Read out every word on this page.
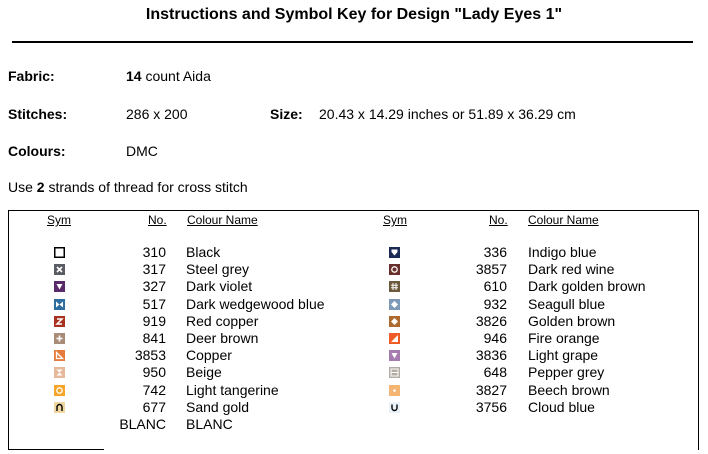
Instructions and Symbol Key for Design "Lady Eyes 1"
Fabric:	14 count Aida
Stitches:	286 x 200	Size: 20.43 x 14.29 inches or 51.89 x 36.29 cm
Colours:	DMC
Use 2 strands of thread for cross stitch
Sym	No. Colour Name	Sym	No. Colour Name
310 Black
317 Steel grey
327 Dark violet
517 Dark wedgewood blue
919 Red copper
841 Deer brown
3853 Copper
950 Beige
742 Light tangerine
677 Sand gold
BLANC BLANC
336 Indigo blue
3857 Dark red wine
610 Dark golden brown
932 Seagull blue
3826 Golden brown
946 Fire orange
3836 Light grape
648 Pepper grey
3827 Beech brown
3756 Cloud blue
